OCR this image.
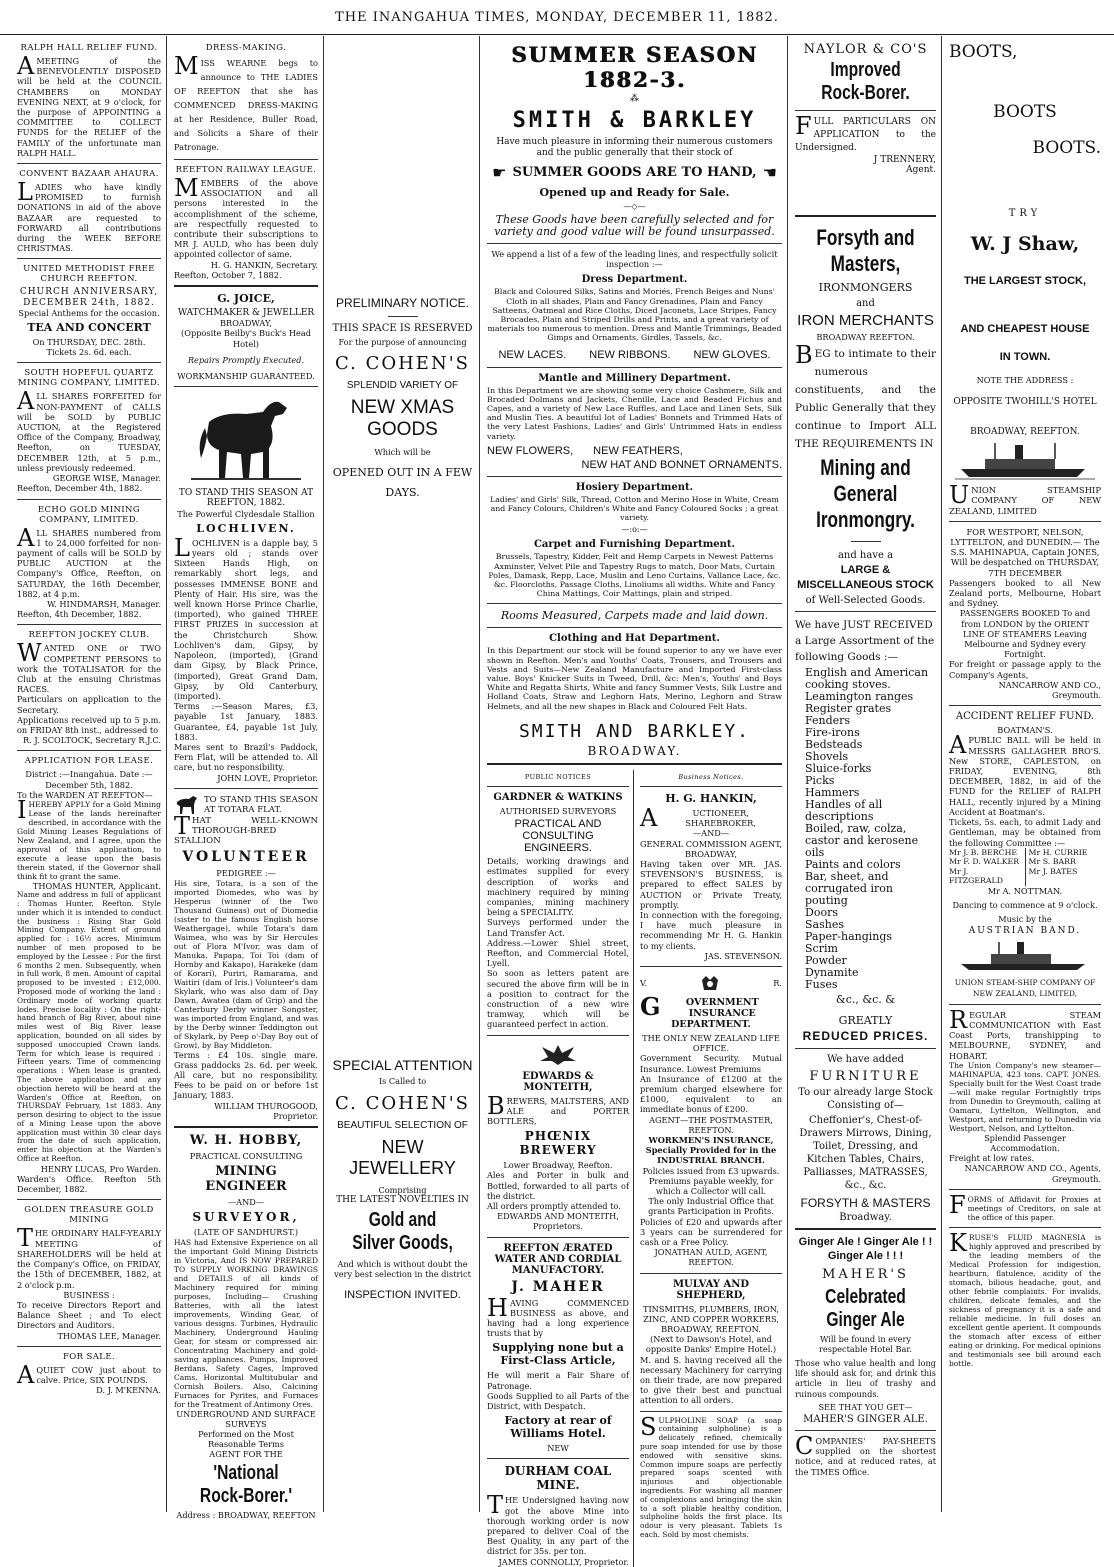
THE INANGAHUA TIMES, MONDAY, DECEMBER 11, 1882.

RALPH HALL RELIEF FUND.

AMEETING of the BENEVOLENTLY DISPOSED will be held at the COUNCIL CHAMBERS on MONDAY EVENING NEXT, at 9 o'clock, for the purpose of APPOINTING a COMMITTEE to COLLECT FUNDS for the RELIEF of the FAMILY of the unfortunate man RALPH HALL.

CONVENT BAZAAR AHAURA.

LADIES who have kindly PROMISED to furnish DONATIONS in aid of the above BAZAAR are requested to FORWARD all contributions during the WEEK BEFORE CHRISTMAS.

UNITED METHODIST FREE CHURCH REEFTON.

CHURCH ANNIVERSARY, DECEMBER 24th, 1882.

Special Anthems for the occasion.

TEA AND CONCERT

On THURSDAY, DEC. 28th.

Tickets 2s. 6d. each.

SOUTH HOPEFUL QUARTZ MINING COMPANY, LIMITED.

ALL SHARES FORFEITED for NON-PAYMENT of CALLS will be SOLD by PUBLIC AUCTION, at the Registered Office of the Company, Broadway, Reefton, on TUESDAY, DECEMBER 12th, at 5 p.m., unless previously redeemed.

GEORGE WISE, Manager.

Reefton, December 4th, 1882.

ECHO GOLD MINING COMPANY, LIMITED.

ALL SHARES numbered from 1 to 24,000 forfeited for non-payment of calls will be SOLD by PUBLIC AUCTION at the Company's Office, Reefton, on SATURDAY, the 16th December, 1882, at 4 p.m.

W. HINDMARSH, Manager.

Reefton, 4th December, 1882.

REEFTON JOCKEY CLUB.

WANTED ONE or TWO COMPETENT PERSONS to work the TOTALISATOR for the Club at the ensuing Christmas RACES.

Particulars on application to the Secretary.

Applications received up to 5 p.m. on FRIDAY 8th inst., addressed to

R. J. SCOLTOCK, Secretary R.J.C.

APPLICATION FOR LEASE.

District :—Inangahua. Date :—December 5th, 1882.

To the WARDEN AT REEFTON—

IHEREBY APPLY for a Gold Mining Lease of the lands hereinafter described, in accordance with the Gold Mining Leases Regulations of New Zealand, and I agree, upon the approval of this application, to execute a lease upon the basis therein stated, if the Governor shall think fit to grant the same.

THOMAS HUNTER, Applicant.

Name and address in full of applicant : Thomas Hunter, Reefton. Style under which it is intended to conduct the business : Rising Star Gold Mining Company. Extent of ground applied for : 16½ acres. Minimum number of men proposed to be employed by the Lessee : For the first 6 months 2 men. Subsequently, when in full work, 8 men. Amount of capital proposed to be invested : £12,000. Proposed mode of working the land : Ordinary mode of working quartz lodes. Precise locality : On the right-hand branch of Big River, about nine miles west of Big River lease application, bounded on all sides by supposed unoccupied Crown lands. Term for which lease is required : Fifteen years. Time of commencing operations : When lease is granted. The above application and any objection hereto will be heard at the Warden's Office at Reefton, on THURSDAY February, 1st 1883. Any person desiring to object to the issue of a Mining Lease upon the above application must within 30 clear days from the date of such application, enter his objection at the Warden's Office at Reefton.

HENRY LUCAS, Pro Warden.

Warden's Office. Reefton 5th December, 1882.

GOLDEN TREASURE GOLD MINING

THE ORDINARY HALF-YEARLY MEETING of SHAREHOLDERS will be held at the Company's Office, on FRIDAY, the 15th of DECEMBER, 1882, at 2 o'clock p.m.

BUSINESS :

To receive Directors Report and Balance Sheet ; and To elect Directors and Auditors.

THOMAS LEE, Manager.

FOR SALE.

AQUIET COW just about to calve. Price, SIX POUNDS.

D. J. M'KENNA.

DRESS-MAKING.

MISS WEARNE begs to announce to THE LADIES OF REEFTON that she has COMMENCED DRESS-MAKING at her Residence, Buller Road, and Solicits a Share of their Patronage.

REEFTON RAILWAY LEAGUE.

MEMBERS of the above ASSOCIATION and all persons interested in the accomplishment of the scheme, are respectfully requested to contribute their subscriptions to MR J. AULD, who has been duly appointed collector of same.

H. G. HANKIN, Secretary.

Reefton, October 7, 1882.

G. JOICE,

WATCHMAKER & JEWELLER

BROADWAY,

(Opposite Beilby's Buck's Head Hotel)

Repairs Promptly Executed.

WORKMANSHIP GUARANTEED.

TO STAND THIS SEASON AT REEFTON, 1882.

The Powerful Clydesdale Stallion

LOCHLIVEN.

LOCHLIVEN is a dapple bay, 5 years old ; stands over Sixteen Hands High, on remarkably short legs, and possesses IMMENSE BONE and Plenty of Hair. His sire, was the well known Horse Prince Charlie, (imported), who gained THREE FIRST PRIZES in succession at the Christchurch Show. Lochliven's dam, Gipsy, by Napoleon, (imported), (Grand dam Gipsy, by Black Prince, (imported), Great Grand Dam, Gipsy, by Old Canterbury, (imported).

Terms :—Season Mares, £3, payable 1st January, 1883. Guarantee, £4, payable 1st July, 1883.

Mares sent to Brazil's Paddock, Fern Flat, will be attended to. All care, but no responsibility.

JOHN LOVE, Proprietor.

TO STAND THIS SEASON AT TOTARA FLAT.

THAT WELL-KNOWN THOROUGH-BRED STALLION

VOLUNTEER

PEDIGREE :—

His sire, Totara, is a son of the imported Diomedes, who was by Hesperus (winner of the Two Thousand Guineas) out of Diomedia (sister to the famous English horse Weathergage), while Totara's dam Waimea, who was by Sir Hercules out of Flora M'Ivor, was dam of Manuka, Papapa, Toi Toi (dam of Hornby and Kakapo), Harakeke (dam of Korari), Puriri, Ramarama, and Waitiri (dam of Iris.) Volunteer's dam Skylark, who was also dam of Day Dawn, Awatea (dam of Grip) and the Canterbury Derby winner Songster, was imported from England, and was by the Derby winner Teddington out of Skylark, by Peep o'-Day Boy out of Growl, by Bay Middleton.

Terms : £4 10s. single mare. Grass paddocks 2s. 6d. per week. All care, but no responsibility. Fees to be paid on or before 1st January, 1883.

WILLIAM THUROGOOD, Proprietor.

W. H. HOBBY,

PRACTICAL CONSULTING

MINING ENGINEER

—AND—

SURVEYOR,

(LATE OF SANDHURST.)

HAS had Extensive Experience on all the important Gold Mining Districts in Victoria, And IS NOW PREPARED TO SUPPLY WORKING DRAWINGS and DETAILS of all kinds of Machinery required for mining purposes, Including— Crushing Batteries, with all the latest improvements, Winding Gear, of various designs. Turbines, Hydraulic Machinery, Underground Hauling Gear, for steam or compressed air. Concentrating Machinery and gold-saving appliances. Pumps, Improved Berdans, Safety Cages, Improved Cams, Horizontal Multitubular and Cornish Boilers. Also, Calcining Furnaces for Pyrites, and Furnaces for the Treatment of Antimony Ores.

UNDERGROUND AND SURFACE SURVEYS

Performed on the Most Reasonable Terms

AGENT FOR THE

'National Rock-Borer.'

Address : BROADWAY, REEFTON

PRELIMINARY NOTICE.

THIS SPACE IS RESERVED

For the purpose of announcing

C. COHEN'S

SPLENDID VARIETY OF

NEW XMAS GOODS

Which will be

OPENED OUT IN A FEW DAYS.

SPECIAL ATTENTION

Is Called to

C. COHEN'S

BEAUTIFUL SELECTION OF

NEW JEWELLERY

Comprising

THE LATEST NOVELTIES IN

Gold and Silver Goods,

And which is without doubt the very best selection in the district

INSPECTION INVITED.

SUMMER SEASON 1882-3.

⁂

SMITH & BARKLEY

Have much pleasure in informing their numerous customers and the public generally that their stock of

☛ SUMMER GOODS ARE TO HAND, ☚

Opened up and Ready for Sale.

—◇—

These Goods have been carefully selected and for variety and good value will be found unsurpassed.

We append a list of a few of the leading lines, and respectfully solicit inspection :—

Dress Department.

Black and Coloured Silks, Satins and Moriés, French Beiges and Nuns' Cloth in all shades, Plain and Fancy Grenadines, Plain and Fancy Satteens, Oatmeal and Rice Cloths, Diced Jaconets, Lace Stripes, Fancy Brocades, Plain and Striped Drills and Prints, and a great variety of materials too numerous to mention. Dress and Mantle Trimmings, Beaded Gimps and Ornaments, Girdles, Tassels, &c.

NEW LACES. NEW RIBBONS. NEW GLOVES.

Mantle and Millinery Department.

In this Department we are showing some very choice Cashmere, Silk and Brocaded Dolmans and Jackets, Chenille, Lace and Beaded Fichus and Capes, and a variety of New Lace Ruffles, and Lace and Linen Sets, Silk and Muslin Ties. A beautiful lot of Ladies' Bonnets and Trimmed Hats of the very Latest Fashions, Ladies' and Girls' Untrimmed Hats in endless variety.

NEW FLOWERS, NEW FEATHERS,

NEW HAT AND BONNET ORNAMENTS.

Hosiery Department.

Ladies' and Girls' Silk, Thread, Cotton and Merino Hose in White, Cream and Fancy Colours, Children's White and Fancy Coloured Socks ; a great variety.

—:o:—

Carpet and Furnishing Department.

Brussels, Tapestry, Kidder, Felt and Hemp Carpets in Newest Patterns Axminster, Velvet Pile and Tapestry Rugs to match, Door Mats, Curtain Poles, Damask, Repp, Lace, Muslin and Leno Curtains, Vallance Lace, &c. &c. Floorcloths, Passage Cloths, Linoliums all widths. White and Fancy China Mattings, Coir Mattings, plain and striped.

Rooms Measured, Carpets made and laid down.

Clothing and Hat Department.

In this Department our stock will be found superior to any we have ever shown in Reefton. Men's and Youths' Coats, Trousers, and Trousers and Vests and Suits—New Zealand Manufacture and Imported First-class value. Boys' Knicker Suits in Tweed, Drill, &c: Men's, Youths' and Boys White and Regatta Shirts, White and fancy Summer Vests, Silk Lustre and Holland Coats, Straw and Leghorn Hats, Merino, Leghorn and Straw Helmets, and all the new shapes in Black and Coloured Felt Hats.

SMITH AND BARKLEY.

BROADWAY.

PUBLIC NOTICES

GARDNER & WATKINS

AUTHORISED SURVEYORS

PRACTICAL AND CONSULTING ENGINEERS.

Details, working drawings and estimates supplied for every description of works and machinery required by mining companies, mining machinery being a SPECIALITY.

Surveys performed under the Land Transfer Act.

Address.—Lower Shiel street, Reefton, and Commercial Hotel, Lyell.

So soon as letters patent are secured the above firm will be in a position to contract for the construction of a new wire tramway, which will be guaranteed perfect in action.

EDWARDS & MONTEITH,

BREWERS, MALTSTERS, AND ALE and PORTER BOTTLERS,

PHŒNIX BREWERY

Lower Broadway, Reefton.

Ales and Porter in bulk and Bottled, forwarded to all parts of the district.

All orders promptly attended to.

EDWARDS AND MONTEITH, Proprietors.

REEFTON ÆRATED WATER AND CORDIAL MANUFACTORY.

J. MAHER

HAVING COMMENCED BUSINESS as above, and having had a long experience trusts that by

Supplying none but a First-Class Article,

He will merit a Fair Share of Patronage.

Goods Supplied to all Parts of the District, with Despatch.

Factory at rear of Williams Hotel.

NEW

DURHAM COAL MINE.

THE Undersigned having now got the above Mine into thorough working order is now prepared to deliver Coal of the Best Quality, in any part of the district for 35s. per ton.

JAMES CONNOLLY, Proprietor.

Business Notices.

H. G. HANKIN,

AUCTIONEER, SHAREBROKER,

—AND—

GENERAL COMMISSION AGENT,

BROADWAY,

Having taken over MR. JAS. STEVENSON'S BUSINESS, is prepared to effect SALES by AUCTION or Private Treaty, promptly.

In connection with the foregoing, I have much pleasure in recommending Mr H. G. Hankin to my clients.

JAS. STEVENSON.

V.	R.

GOVERNMENT INSURANCE DEPARTMENT.

THE ONLY NEW ZEALAND LIFE OFFICE.

Government Security. Mutual Insurance. Lowest Premiums

An Insurance of £1200 at the premium charged elsewhere for £1000, equivalent to an immediate bonus of £200.

AGENT—THE POSTMASTER, REEFTON.

WORKMEN'S INSURANCE, Specially Provided for in the INDUSTRIAL BRANCH.

Policies issued from £3 upwards. Premiums payable weekly, for which a Collector will call.

The only Industrial Office that grants Participation in Profits.

Policies of £20 and upwards after 3 years can be surrendered for cash or a Free Policy.

JONATHAN AULD, AGENT, REEFTON.

MULVAY AND SHEPHERD,

TINSMITHS, PLUMBERS, IRON, ZINC, AND COPPER WORKERS,

BROADWAY, REEFTON.

(Next to Dawson's Hotel, and opposite Danks' Empire Hotel.)

M. and S. having received all the necessary Machinery for carrying on their trade, are now prepared to give their best and punctual attention to all orders.

SULPHOLINE SOAP (a soap containing sulpholine) is a delicately refined, chemically pure soap intended for use by those endowed with sensitive skins. Common impure soaps are perfectly prepared soaps scented with injurious and objectionable ingredients. For washing all manner of complexions and bringing the skin to a soft pliable healthy condition, sulpholine holds the first place. Its odour is very pleasant. Tablets 1s each. Sold by most chemists.

NAYLOR & CO'S

Improved Rock-Borer.

FULL PARTICULARS ON APPLICATION to the Undersigned.

J TRENNERY,

Agent.

Forsyth and Masters,

IRONMONGERS

and

IRON MERCHANTS

BROADWAY REEFTON.

BEG to intimate to their numerous constituents, and the Public Generally that they continue to Import ALL THE REQUIREMENTS IN

Mining and General Ironmongry.

and have a

LARGE & MISCELLANEOUS STOCK

of Well-Selected Goods.

We have JUST RECEIVED a Large Assortment of the following Goods :—

English and American cooking stoves.
Leamington ranges
Register grates
Fenders
Fire-irons
Bedsteads
Shovels
Sluice-forks
Picks
Hammers
Handles of all descriptions
Boiled, raw, colza, castor and kerosene oils
Paints and colors
Bar, sheet, and corrugated iron
pouting
Doors
Sashes
Paper-hangings
Scrim
Powder
Dynamite
Fuses

&c., &c. &

GREATLY

REDUCED PRICES.

We have added

FURNITURE

To our already large Stock Consisting of—

Cheffonier's, Chest-of-Drawers Mirrows, Dining, Toilet, Dressing, and Kitchen Tables, Chairs, Palliasses, MATRASSES, &c., &c.

FORSYTH & MASTERS

Broadway.

Ginger Ale ! Ginger Ale ! ! Ginger Ale ! ! !

MAHER'S

Celebrated Ginger Ale

Will be found in every respectable Hotel Bar.

Those who value health and long life should ask for, and drink this article in lieu of trashy and ruinous compounds.

SEE THAT YOU GET—

MAHER'S GINGER ALE.

COMPANIES' PAY-SHEETS supplied on the shortest notice, and at reduced rates, at the TIMES Office.

BOOTS,

BOOTS

BOOTS.

TRY

W. J Shaw,

THE LARGEST STOCK,

AND CHEAPEST HOUSE

IN TOWN.

NOTE THE ADDRESS :

OPPOSITE TWOHILL'S HOTEL

BROADWAY, REEFTON.

UNION STEAMSHIP COMPANY OF NEW ZEALAND, LIMITED

FOR WESTPORT, NELSON, LYTTELTON, and DUNEDIN.— The S.S. MAHINAPUA, Captain JONES, Will be despatched on THURSDAY, 7TH DECEMBER

Passengers booked to all New Zealand ports, Melbourne, Hobart and Sydney.

PASSENGERS BOOKED To and from LONDON by the ORIENT LINE OF STEAMERS Leaving Melbourne and Sydney every Fortnight.

For freight or passage apply to the Company's Agents,

NANCARROW AND CO., Greymouth.

ACCIDENT RELIEF FUND.

BOATMAN'S.

APUBLIC BALL will be held in MESSRS GALLAGHER BRO'S. New STORE, CAPLESTON, on FRIDAY, EVENING, 8th DECEMBER, 1882, in aid of the FUND for the RELIEF of RALPH HALL, recently injured by a Mining Accident at Boatman's.

Tickets, 5s. each, to admit Lady and Gentleman, may be obtained from the following Committee :—

Mr J. B. BERCHE
Mr F. D. WALKER
Mr J. FITZGERALD
Mr H. CURRIE
Mr S. BARR
Mr J. BATES

Mr A. NOTTMAN.

Dancing to commence at 9 o'clock.

Music by the

AUSTRIAN BAND.

UNION STEAM-SHIP COMPANY OF NEW ZEALAND, LIMITED,

REGULAR STEAM COMMUNICATION with East Coast Ports, transhipping to MELBOURNE, SYDNEY, and HOBART.

The Union Company's new steamer— MAHINAPUA, 423 tons. CAPT. JONES. Specially built for the West Coast trade—will make regular Fortnightly trips from Dunedin to Greymouth, calling at Oamaru, Lyttelton, Wellington, and Westport, and returning to Dunedin via Westport, Nelson, and Lyttelton.

Splendid Passenger Accommodation.

Freight at low rates.

NANCARROW AND CO., Agents, Greymouth.

FORMS of Affidavit for Proxies at meetings of Creditors, on sale at the office of this paper.

KRUSE'S FLUID MAGNESIA is highly approved and prescribed by the leading members of the Medical Profession for indigestion, heartburn, flatulence, acidity of the stomach, bilious headache, gout, and other febrile complaints. For invalids, children, delicate females, and the sickness of pregnancy it is a safe and reliable medicine. In full doses an excellent gentle aperient. It compounds the stomach after excess of either eating or drinking. For medical opinions and testimonials see bill around each bottle.
